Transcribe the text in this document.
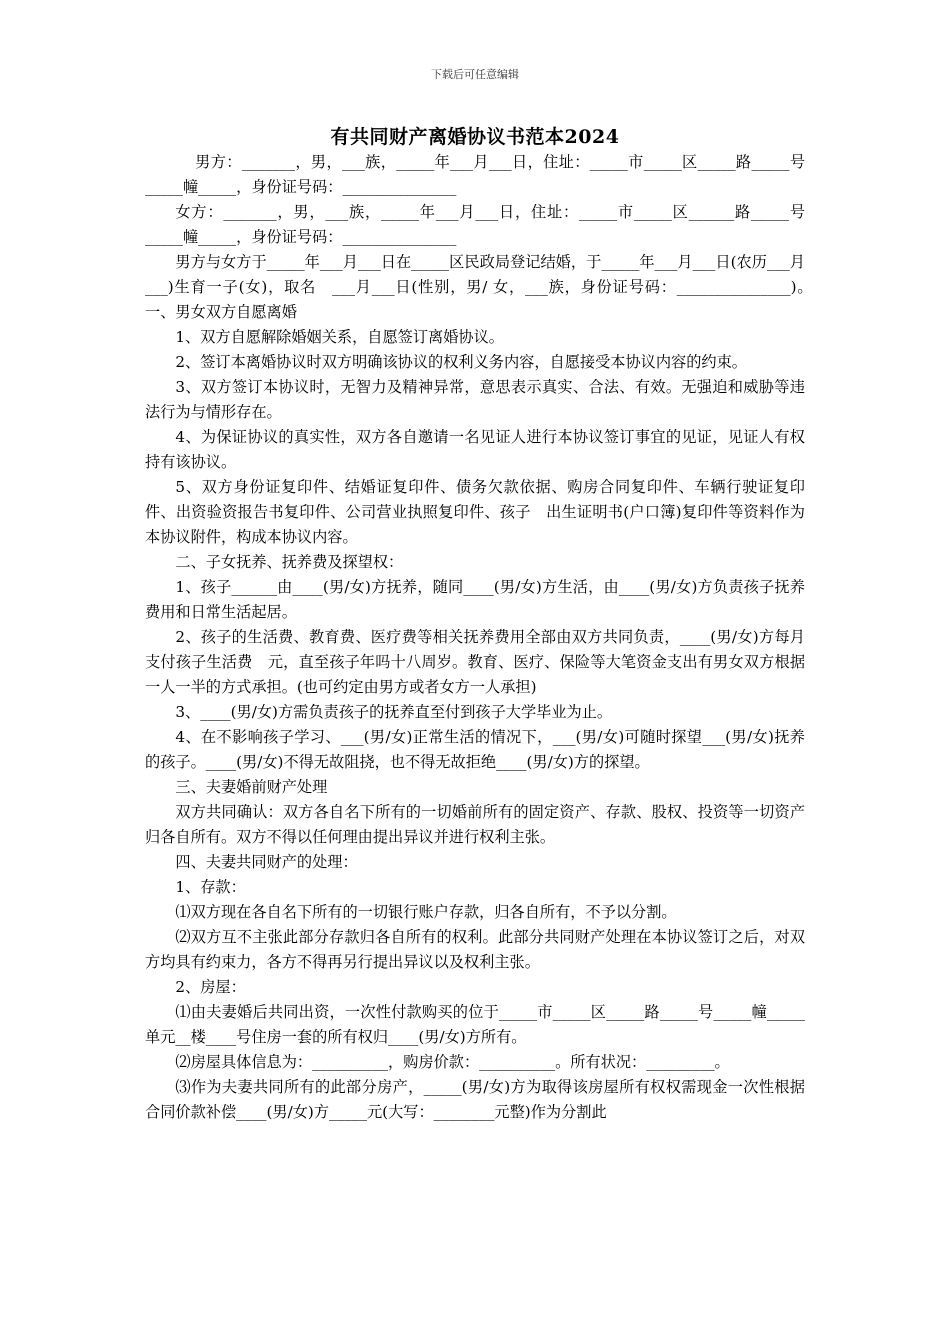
下载后可任意编辑
有共同财产离婚协议书范本2024

男方：_______，男，___族，_____年___月___日，住址：_____市_____区_____路_____号_____幢_____，身份证号码：_______________

女方：_______，男，___族，_____年___月___日，住址：_____市_____区______路_____号_____幢_____，身份证号码：_______________

男方与女方于_____年___月___日在_____区民政局登记结婚，于_____年___月___日(农历___月___)生育一子(女)，取名　___月___日(性别，男/ 女，___族，身份证号码：_______________)。　　　一、男女双方自愿离婚

1、双方自愿解除婚姻关系，自愿签订离婚协议。

2、签订本离婚协议时双方明确该协议的权利义务内容，自愿接受本协议内容的约束。

3、双方签订本协议时，无智力及精神异常，意思表示真实、合法、有效。无强迫和威胁等违法行为与情形存在。

4、为保证协议的真实性，双方各自邀请一名见证人进行本协议签订事宜的见证，见证人有权持有该协议。

5、双方身份证复印件、结婚证复印件、债务欠款依据、购房合同复印件、车辆行驶证复印件、出资验资报告书复印件、公司营业执照复印件、孩子　出生证明书(户口簿)复印件等资料作为本协议附件，构成本协议内容。

二、子女抚养、抚养费及探望权：

1、孩子______由____(男/女)方抚养，随同____(男/女)方生活，由____(男/女)方负责孩子抚养费用和日常生活起居。

2、孩子的生活费、教育费、医疗费等相关抚养费用全部由双方共同负责，____(男/女)方每月支付孩子生活费　元，直至孩子年吗十八周岁。教育、医疗、保险等大笔资金支出有男女双方根据一人一半的方式承担。(也可约定由男方或者女方一人承担)

3、____(男/女)方需负责孩子的抚养直至付到孩子大学毕业为止。

4、在不影响孩子学习、___(男/女)正常生活的情况下，___(男/女)可随时探望___(男/女)抚养的孩子。____(男/女)不得无故阻挠，也不得无故拒绝____(男/女)方的探望。

三、夫妻婚前财产处理

双方共同确认：双方各自名下所有的一切婚前所有的固定资产、存款、股权、投资等一切资产归各自所有。双方不得以任何理由提出异议并进行权利主张。

四、夫妻共同财产的处理：

1、存款：

⑴双方现在各自名下所有的一切银行账户存款，归各自所有，不予以分割。

⑵双方互不主张此部分存款归各自所有的权利。此部分共同财产处理在本协议签订之后，对双方均具有约束力，各方不得再另行提出异议以及权利主张。

2、房屋：

⑴由夫妻婚后共同出资，一次性付款购买的位于_____市_____区_____路_____号_____幢_____单元__楼____号住房一套的所有权归____(男/女)方所有。

⑵房屋具体信息为：__________，购房价款：__________。所有状况：_________。

⑶作为夫妻共同所有的此部分房产，_____(男/女)方为取得该房屋所有权权需现金一次性根据合同价款补偿____(男/女)方_____元(大写：________元整)作为分割此
